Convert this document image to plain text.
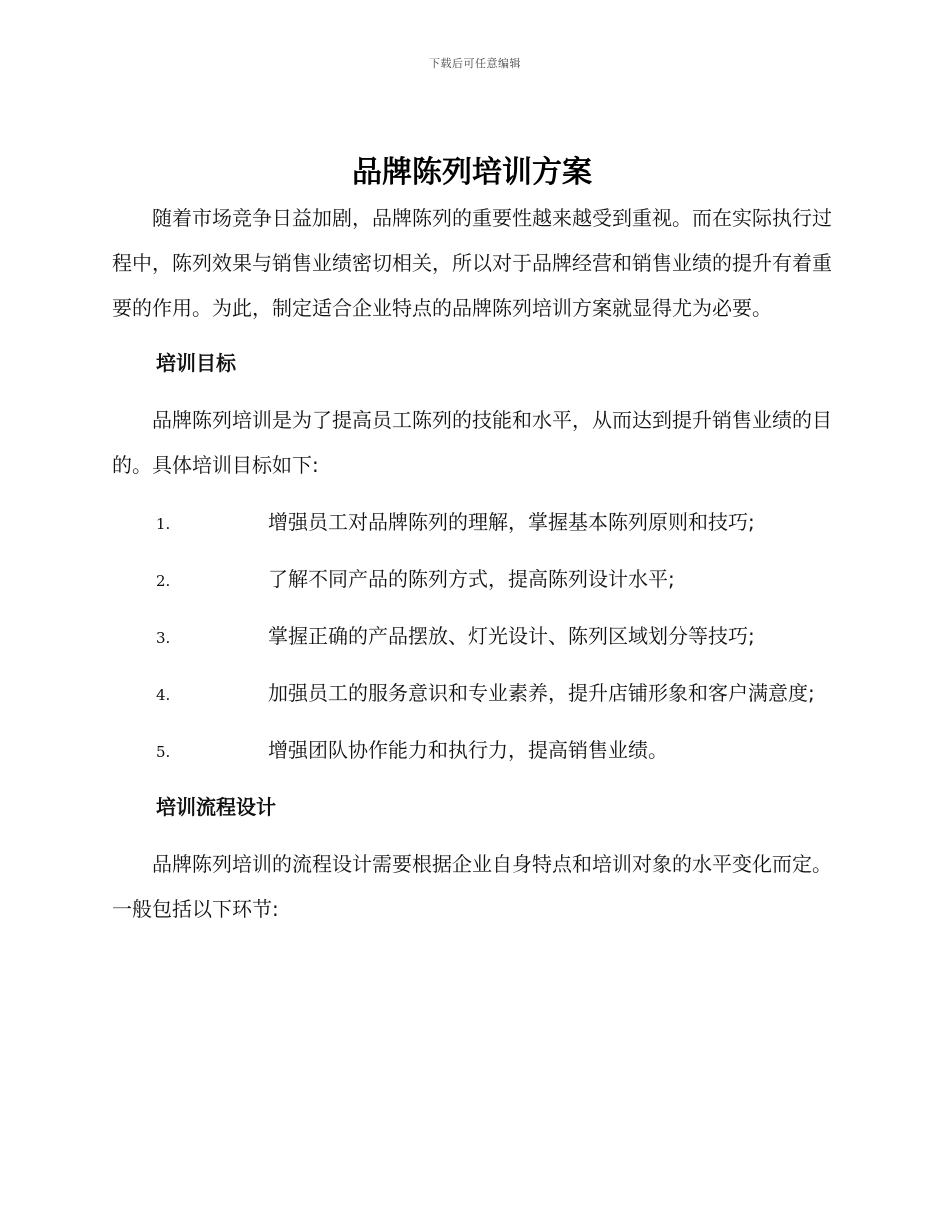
下载后可任意编辑
品牌陈列培训方案

随着市场竞争日益加剧，品牌陈列的重要性越来越受到重视。而在实际执行过程中，陈列效果与销售业绩密切相关，所以对于品牌经营和销售业绩的提升有着重要的作用。为此，制定适合企业特点的品牌陈列培训方案就显得尤为必要。

培训目标

品牌陈列培训是为了提高员工陈列的技能和水平，从而达到提升销售业绩的目的。具体培训目标如下:

1.	增强员工对品牌陈列的理解，掌握基本陈列原则和技巧;
2.	了解不同产品的陈列方式，提高陈列设计水平;
3.	掌握正确的产品摆放、灯光设计、陈列区域划分等技巧;
4.	加强员工的服务意识和专业素养，提升店铺形象和客户满意度;
5.	增强团队协作能力和执行力，提高销售业绩。
培训流程设计

品牌陈列培训的流程设计需要根据企业自身特点和培训对象的水平变化而定。一般包括以下环节:
